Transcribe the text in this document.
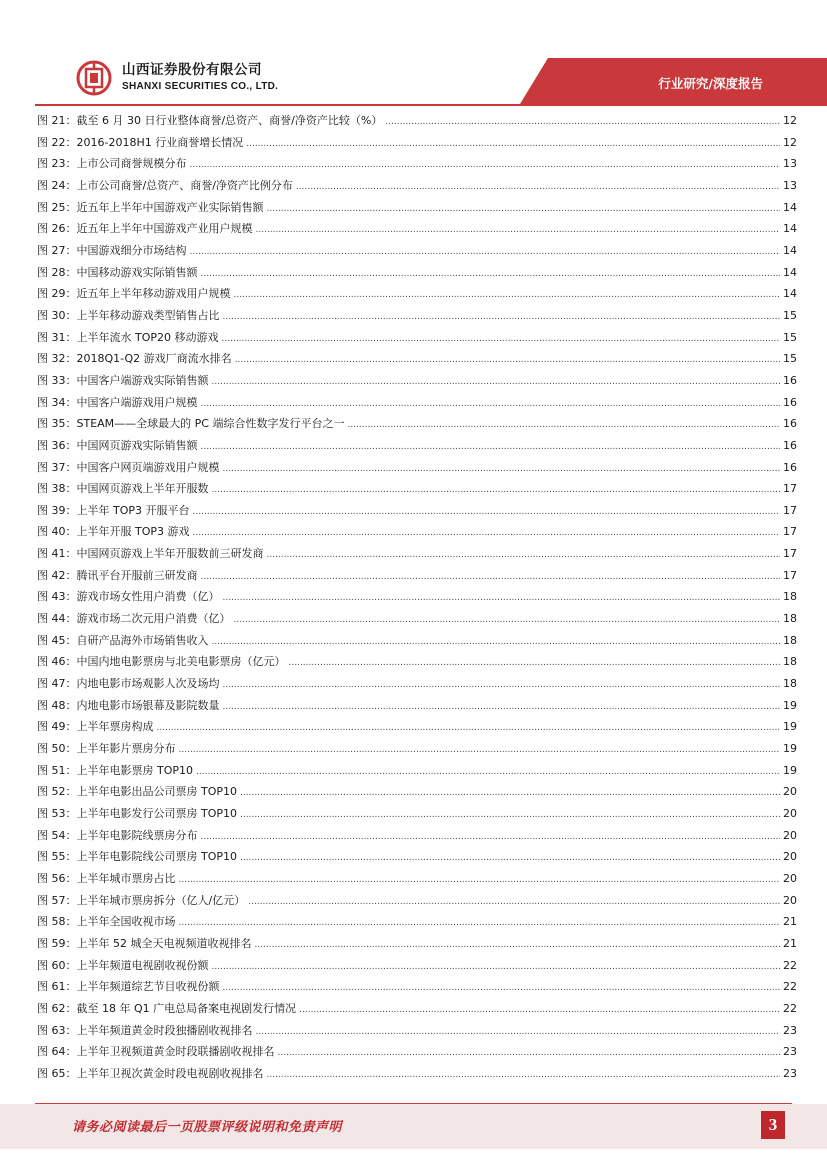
山西证券股份有限公司
SHANXI SECURITIES CO., LTD.	行业研究/深度报告
图 21： 截至 6 月 30 日行业整体商誉/总资产、商誉/净资产比较（%） .....	12
图 22： 2016-2018H1 行业商誉增长情况 .....	12
图 23： 上市公司商誉规模分布 .....	13
图 24： 上市公司商誉/总资产、商誉/净资产比例分布 .....	13
图 25： 近五年上半年中国游戏产业实际销售额 .....	14
图 26： 近五年上半年中国游戏产业用户规模 .....	14
图 27： 中国游戏细分市场结构 .....	14
图 28： 中国移动游戏实际销售额 .....	14
图 29： 近五年上半年移动游戏用户规模 .....	14
图 30： 上半年移动游戏类型销售占比 .....	15
图 31： 上半年流水 TOP20 移动游戏 .....	15
图 32： 2018Q1-Q2 游戏厂商流水排名 .....	15
图 33： 中国客户端游戏实际销售额 .....	16
图 34： 中国客户端游戏用户规模 .....	16
图 35： STEAM——全球最大的 PC 端综合性数字发行平台之一 .....	16
图 36： 中国网页游戏实际销售额 .....	16
图 37： 中国客户网页端游戏用户规模 .....	16
图 38： 中国网页游戏上半年开服数 .....	17
图 39： 上半年 TOP3 开服平台 .....	17
图 40： 上半年开服 TOP3 游戏 .....	17
图 41： 中国网页游戏上半年开服数前三研发商 .....	17
图 42： 腾讯平台开服前三研发商 .....	17
图 43： 游戏市场女性用户消费（亿） .....	18
图 44： 游戏市场二次元用户消费（亿） .....	18
图 45： 自研产品海外市场销售收入 .....	18
图 46： 中国内地电影票房与北美电影票房（亿元） .....	18
图 47： 内地电影市场观影人次及场均 .....	18
图 48： 内地电影市场银幕及影院数量 .....	19
图 49： 上半年票房构成 .....	19
图 50： 上半年影片票房分布 .....	19
图 51： 上半年电影票房 TOP10 .....	19
图 52： 上半年电影出品公司票房 TOP10 .....	20
图 53： 上半年电影发行公司票房 TOP10 .....	20
图 54： 上半年电影院线票房分布 .....	20
图 55： 上半年电影院线公司票房 TOP10 .....	20
图 56： 上半年城市票房占比 .....	20
图 57： 上半年城市票房拆分（亿人/亿元） .....	20
图 58： 上半年全国收视市场 .....	21
图 59： 上半年 52 城全天电视频道收视排名 .....	21
图 60： 上半年频道电视剧收视份额 .....	22
图 61： 上半年频道综艺节目收视份额 .....	22
图 62： 截至 18 年 Q1 广电总局备案电视剧发行情况 .....	22
图 63： 上半年频道黄金时段独播剧收视排名 .....	23
图 64： 上半年卫视频道黄金时段联播剧收视排名 .....	23
图 65： 上半年卫视次黄金时段电视剧收视排名 .....	23
请务必阅读最后一页股票评级说明和免责声明	3
